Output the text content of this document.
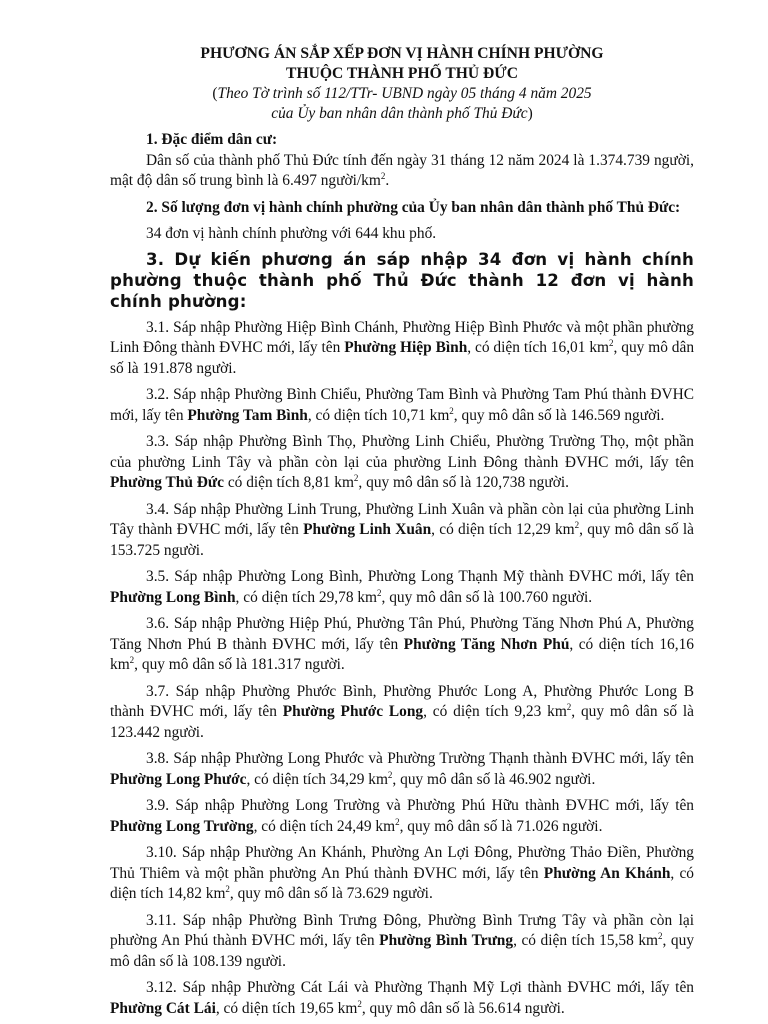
PHƯƠNG ÁN SẮP XẾP ĐƠN VỊ HÀNH CHÍNH PHƯỜNG
THUỘC THÀNH PHỐ THỦ ĐỨC
(Theo Tờ trình số 112/TTr- UBND ngày 05 tháng 4 năm 2025
của Ủy ban nhân dân thành phố Thủ Đức)
1. Đặc điểm dân cư:

Dân số của thành phố Thủ Đức tính đến ngày 31 tháng 12 năm 2024 là 1.374.739 người, mật độ dân số trung bình là 6.497 người/$km^2$.

2. Số lượng đơn vị hành chính phường của Ủy ban nhân dân thành phố Thủ Đức:

34 đơn vị hành chính phường với 644 khu phố.

3. Dự kiến phương án sáp nhập 34 đơn vị hành chính phường thuộc thành phố Thủ Đức thành 12 đơn vị hành chính phường:

3.1. Sáp nhập Phường Hiệp Bình Chánh, Phường Hiệp Bình Phước và một phần phường Linh Đông thành ĐVHC mới, lấy tên Phường Hiệp Bình, có diện tích 16,01 $km^2$, quy mô dân số là 191.878 người.

3.2. Sáp nhập Phường Bình Chiểu, Phường Tam Bình và Phường Tam Phú thành ĐVHC mới, lấy tên Phường Tam Bình, có diện tích 10,71 $km^2$, quy mô dân số là 146.569 người.

3.3. Sáp nhập Phường Bình Thọ, Phường Linh Chiểu, Phường Trường Thọ, một phần của phường Linh Tây và phần còn lại của phường Linh Đông thành ĐVHC mới, lấy tên Phường Thủ Đức có diện tích 8,81 $km^2$, quy mô dân số là 120,738 người.

3.4. Sáp nhập Phường Linh Trung, Phường Linh Xuân và phần còn lại của phường Linh Tây thành ĐVHC mới, lấy tên Phường Linh Xuân, có diện tích 12,29 $km^2$, quy mô dân số là 153.725 người.

3.5. Sáp nhập Phường Long Bình, Phường Long Thạnh Mỹ thành ĐVHC mới, lấy tên Phường Long Bình, có diện tích 29,78 $km^2$, quy mô dân số là 100.760 người.

3.6. Sáp nhập Phường Hiệp Phú, Phường Tân Phú, Phường Tăng Nhơn Phú A, Phường Tăng Nhơn Phú B thành ĐVHC mới, lấy tên Phường Tăng Nhơn Phú, có diện tích 16,16 $km^2$, quy mô dân số là 181.317 người.

3.7. Sáp nhập Phường Phước Bình, Phường Phước Long A, Phường Phước Long B thành ĐVHC mới, lấy tên Phường Phước Long, có diện tích 9,23 $km^2$, quy mô dân số là 123.442 người.

3.8. Sáp nhập Phường Long Phước và Phường Trường Thạnh thành ĐVHC mới, lấy tên Phường Long Phước, có diện tích 34,29 $km^2$, quy mô dân số là 46.902 người.

3.9. Sáp nhập Phường Long Trường và Phường Phú Hữu thành ĐVHC mới, lấy tên Phường Long Trường, có diện tích 24,49 $km^2$, quy mô dân số là 71.026 người.

3.10. Sáp nhập Phường An Khánh, Phường An Lợi Đông, Phường Thảo Điền, Phường Thủ Thiêm và một phần phường An Phú thành ĐVHC mới, lấy tên Phường An Khánh, có diện tích 14,82 $km^2$, quy mô dân số là 73.629 người.

3.11. Sáp nhập Phường Bình Trưng Đông, Phường Bình Trưng Tây và phần còn lại phường An Phú thành ĐVHC mới, lấy tên Phường Bình Trưng, có diện tích 15,58 $km^2$, quy mô dân số là 108.139 người.

3.12. Sáp nhập Phường Cát Lái và Phường Thạnh Mỹ Lợi thành ĐVHC mới, lấy tên Phường Cát Lái, có diện tích 19,65 $km^2$, quy mô dân số là 56.614 người.
